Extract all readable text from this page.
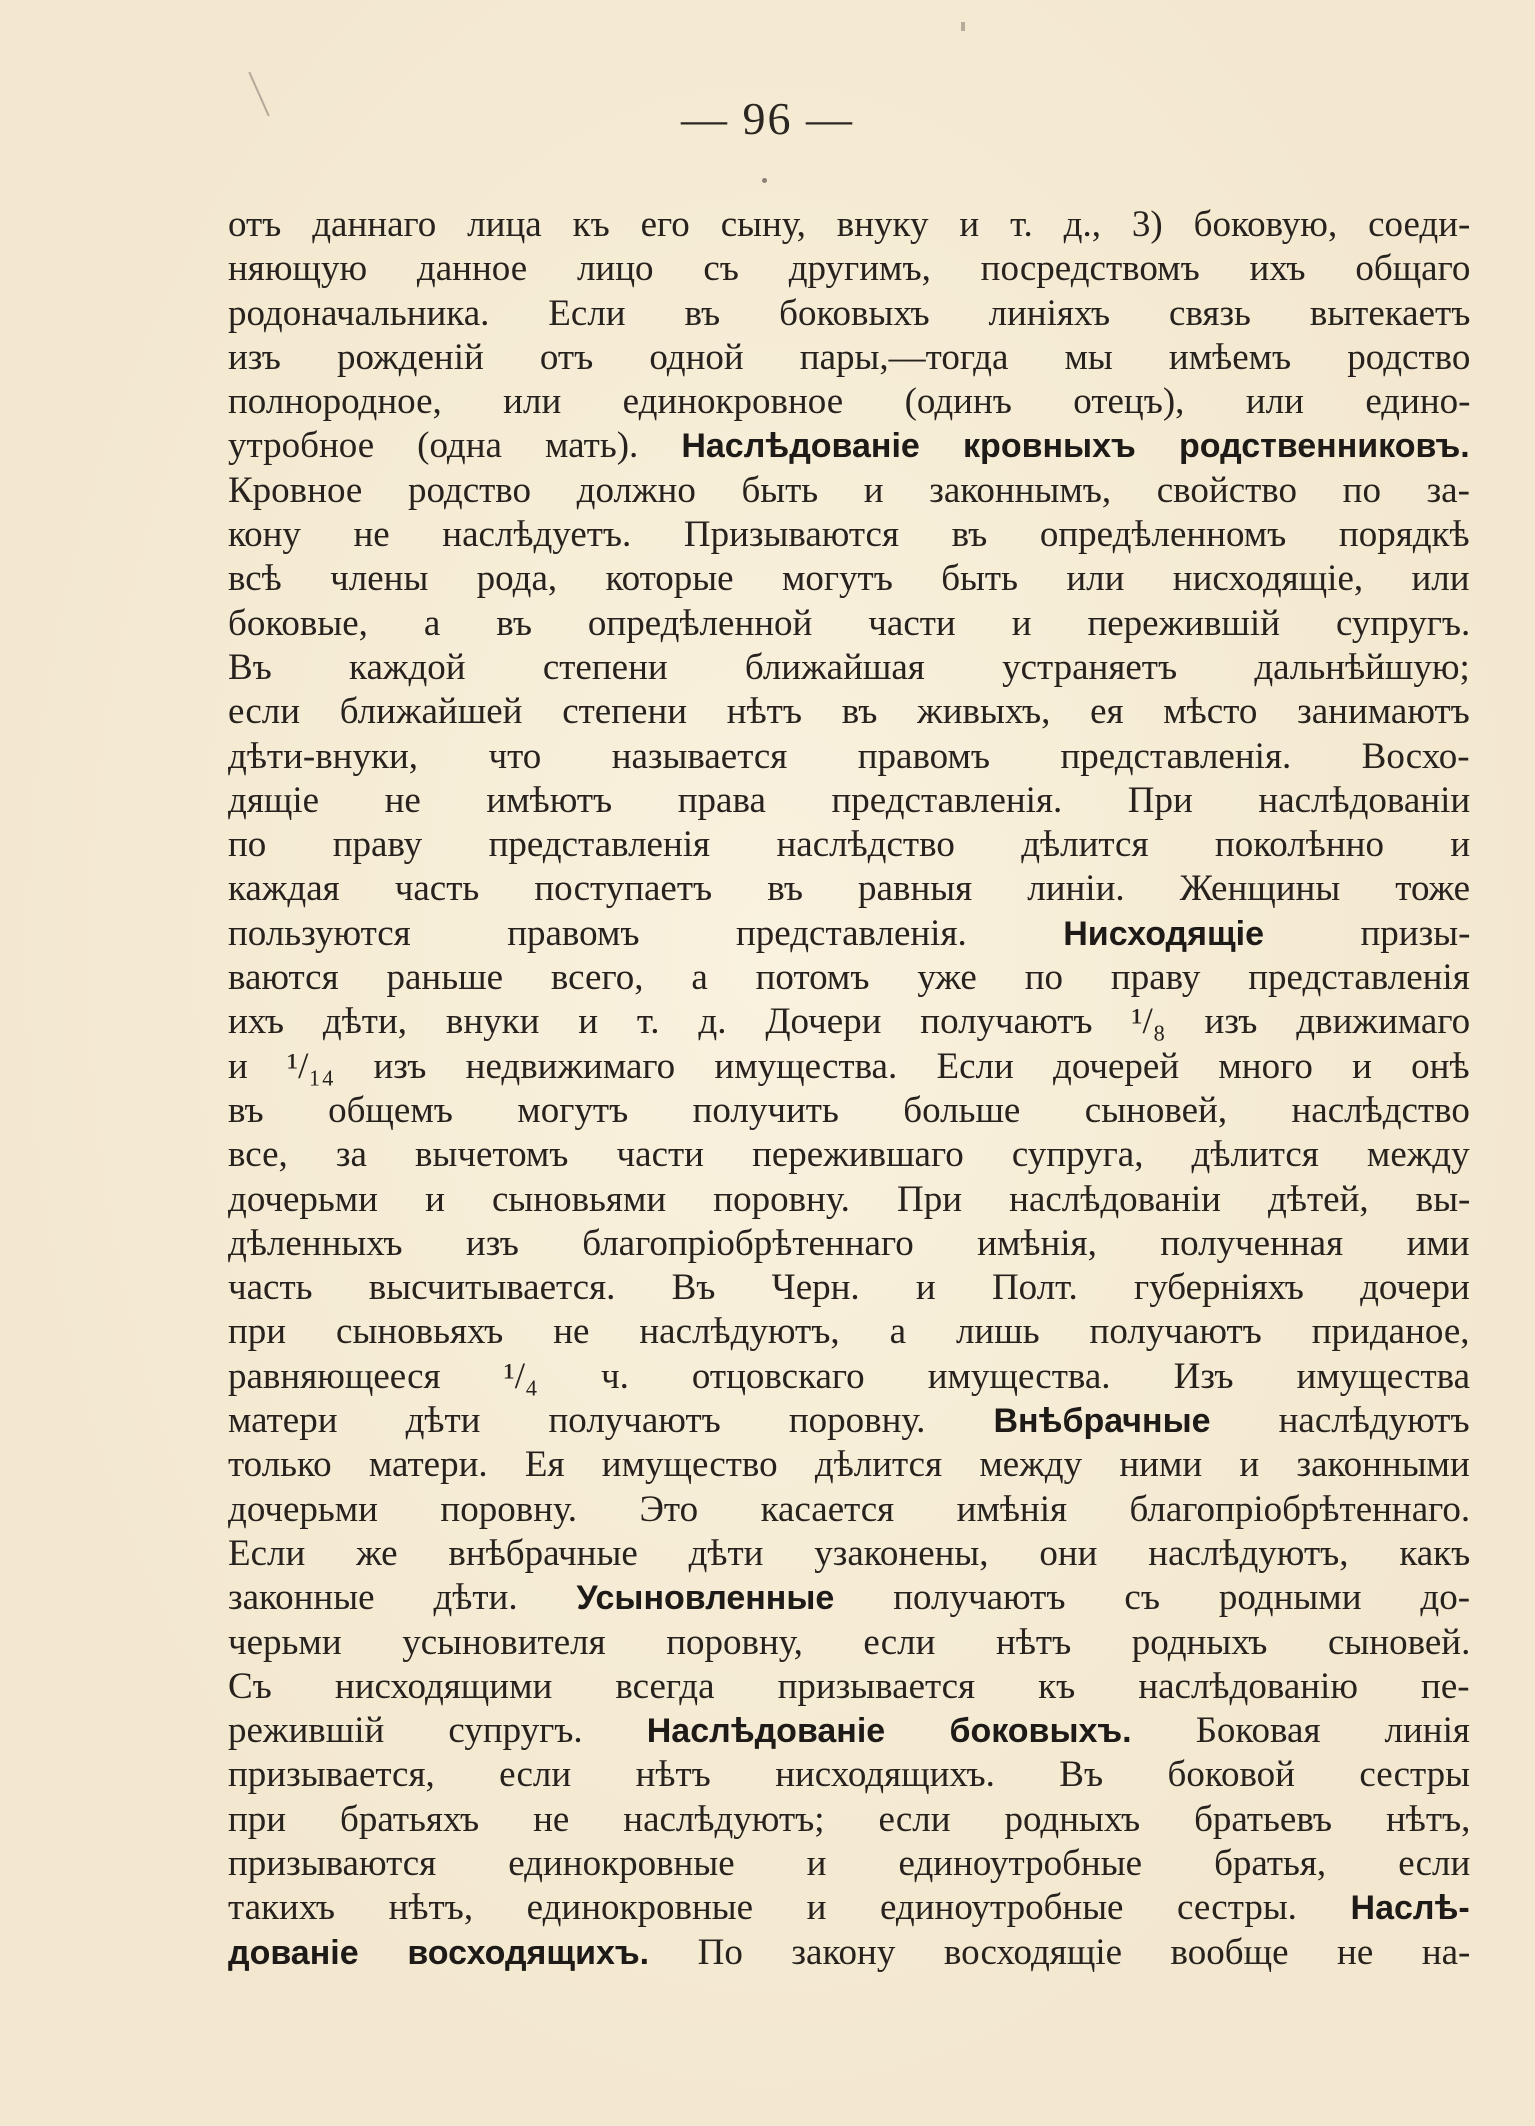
— 96 —
отъ даннаго лица къ его сыну, внуку и т. д., 3) боковую, соеди-
няющую данное лицо съ другимъ, посредствомъ ихъ общаго
родоначальника. Если въ боковыхъ линіяхъ связь вытекаетъ
изъ рожденій отъ одной пары,—тогда мы имѣемъ родство
полнородное, или единокровное (одинъ отецъ), или едино-
утробное (одна мать). Наслѣдованіе кровныхъ родственниковъ.
Кровное родство должно быть и законнымъ, свойство по за-
кону не наслѣдуетъ. Призываются въ опредѣленномъ порядкѣ
всѣ члены рода, которые могутъ быть или нисходящіе, или
боковые, а въ опредѣленной части и пережившій супругъ.
Въ каждой степени ближайшая устраняетъ дальнѣйшую;
если ближайшей степени нѣтъ въ живыхъ, ея мѣсто занимаютъ
дѣти-внуки, что называется правомъ представленія. Восхо-
дящіе не имѣютъ права представленія. При наслѣдованіи
по праву представленія наслѣдство дѣлится поколѣнно и
каждая часть поступаетъ въ равныя линіи. Женщины тоже
пользуются правомъ представленія. Нисходящіе призы-
ваются раньше всего, а потомъ уже по праву представленія
ихъ дѣти, внуки и т. д. Дочери получаютъ ¹/₈ изъ движимаго
и ¹/₁₄ изъ недвижимаго имущества. Если дочерей много и онѣ
въ общемъ могутъ получить больше сыновей, наслѣдство
все, за вычетомъ части пережившаго супруга, дѣлится между
дочерьми и сыновьями поровну. При наслѣдованіи дѣтей, вы-
дѣленныхъ изъ благопріобрѣтеннаго имѣнія, полученная ими
часть высчитывается. Въ Черн. и Полт. губерніяхъ дочери
при сыновьяхъ не наслѣдуютъ, а лишь получаютъ приданое,
равняющееся ¹/₄ ч. отцовскаго имущества. Изъ имущества
матери дѣти получаютъ поровну. Внѣбрачные наслѣдуютъ
только матери. Ея имущество дѣлится между ними и законными
дочерьми поровну. Это касается имѣнія благопріобрѣтеннаго.
Если же внѣбрачные дѣти узаконены, они наслѣдуютъ, какъ
законные дѣти. Усыновленные получаютъ съ родными до-
черьми усыновителя поровну, если нѣтъ родныхъ сыновей.
Съ нисходящими всегда призывается къ наслѣдованію пе-
режившій супругъ. Наслѣдованіе боковыхъ. Боковая линія
призывается, если нѣтъ нисходящихъ. Въ боковой сестры
при братьяхъ не наслѣдуютъ; если родныхъ братьевъ нѣтъ,
призываются единокровные и единоутробные братья, если
такихъ нѣтъ, единокровные и единоутробные сестры. Наслѣ-
дованіе восходящихъ. По закону восходящіе вообще не на-
